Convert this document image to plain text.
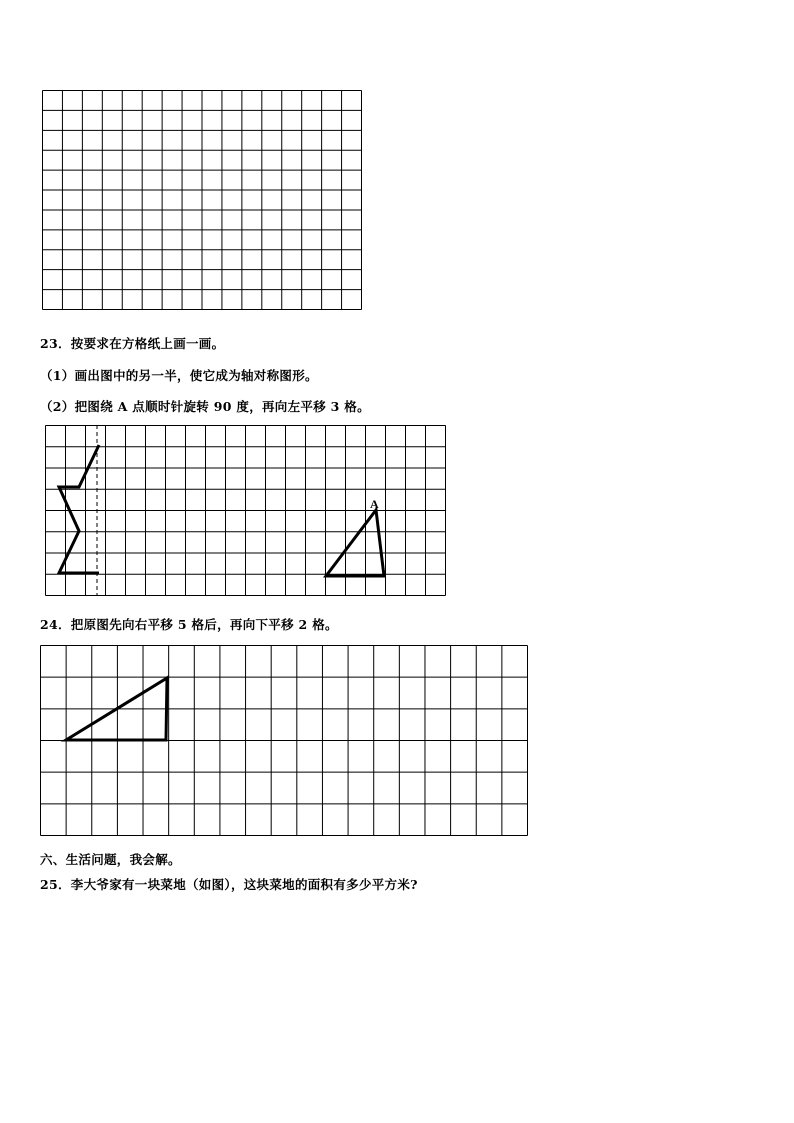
23．按要求在方格纸上画一画。
（1）画出图中的另一半，使它成为轴对称图形。
（2）把图绕 A 点顺时针旋转 90 度，再向左平移 3 格。
A
24．把原图先向右平移 5 格后，再向下平移 2 格。
六、生活问题，我会解。
25．李大爷家有一块菜地（如图），这块菜地的面积有多少平方米?
